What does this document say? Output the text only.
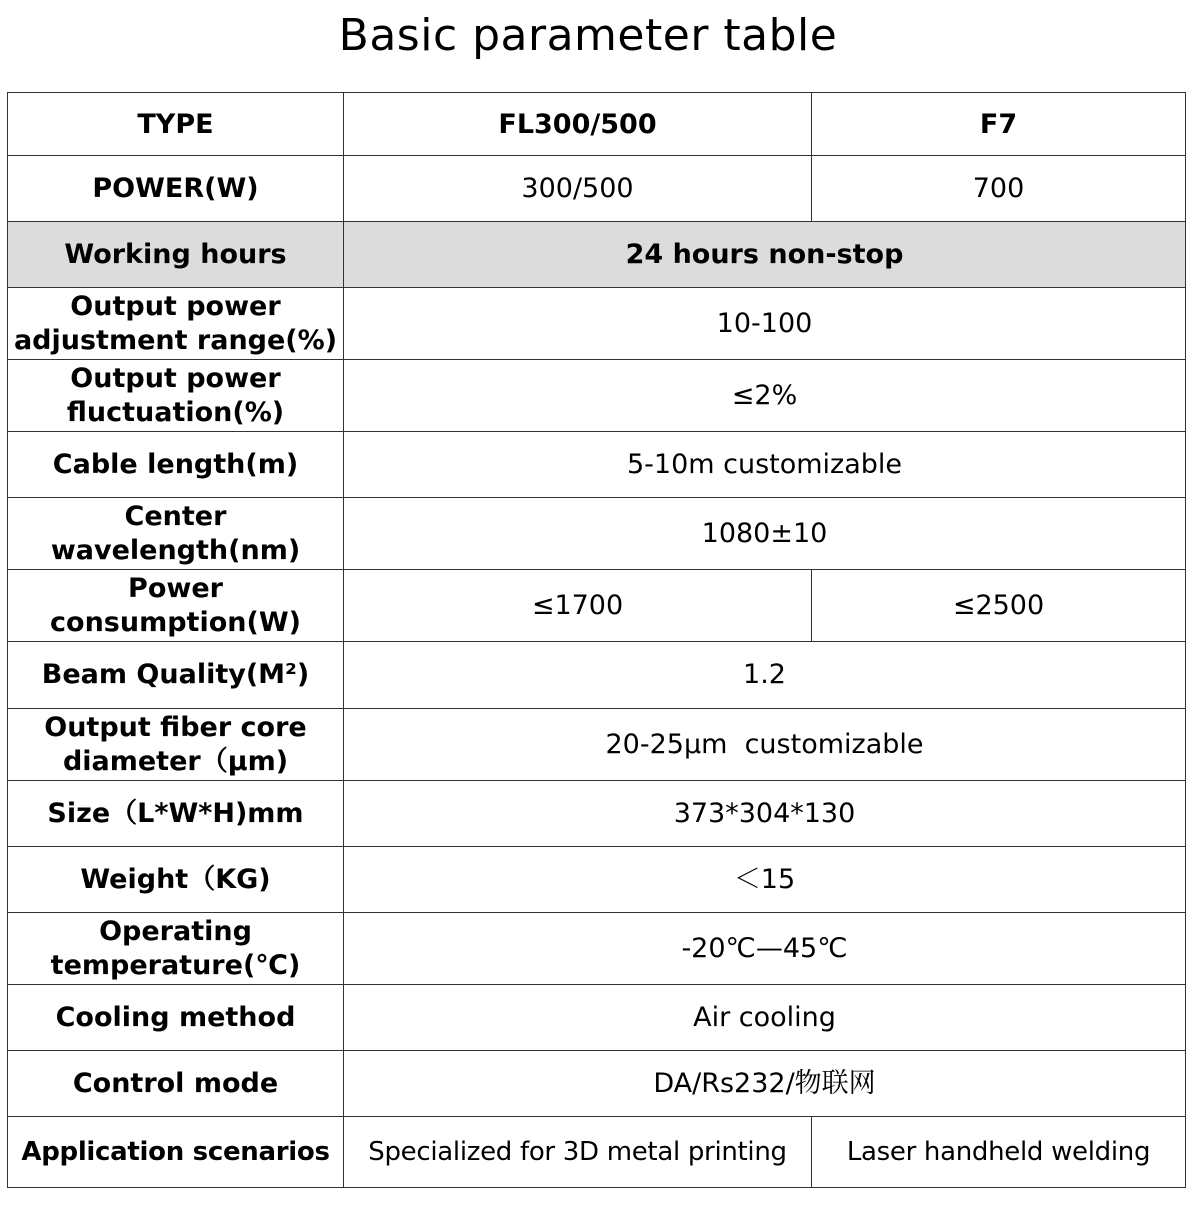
Basic parameter table
TYPE	FL300/500	F7
POWER(W)	300/500	700
Working hours	24 hours non-stop	

Output power
adjustment range(%)	10-100	

Output power
fluctuation(%)	≤2%	
Cable length(m)	5-10m customizable	

Center
wavelength(nm)	1080±10	

Power
consumption(W)	≤1700	≤2500
Beam Quality(M²)	1.2	

Output fiber core
diameter（μm)	20-25μm  customizable	
Size（L*W*H)mm	373*304*130	
Weight（KG)	＜15	

Operating
temperature(℃)	-20℃—45℃	
Cooling method	Air cooling	
Control mode	DA/Rs232/物联网	
Application scenarios	Specialized for 3D metal printing	Laser handheld welding
